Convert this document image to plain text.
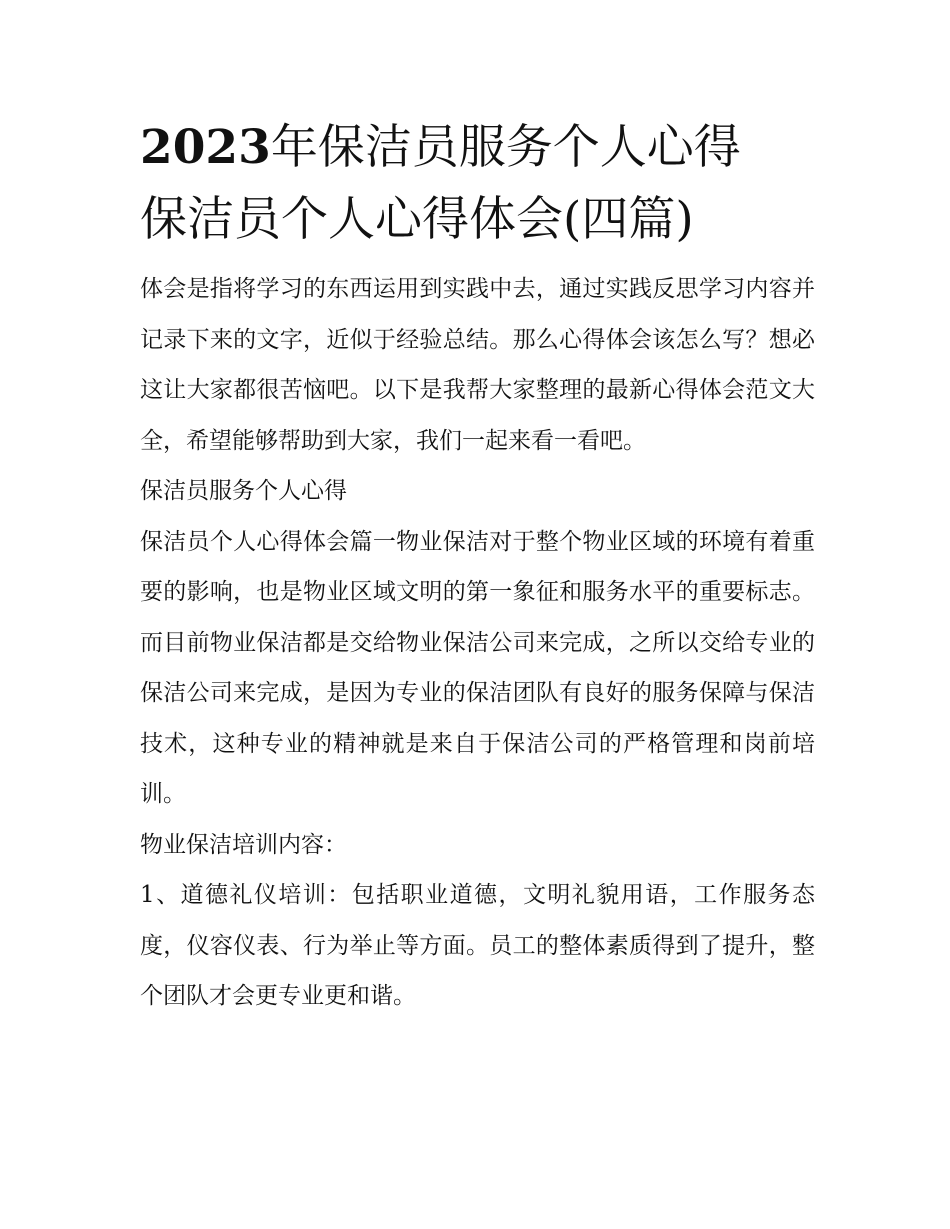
2023年保洁员服务个人心得
保洁员个人心得体会(四篇)

体会是指将学习的东西运用到实践中去，通过实践反思学习内容并记录下来的文字，近似于经验总结。那么心得体会该怎么写？想必这让大家都很苦恼吧。以下是我帮大家整理的最新心得体会范文大全，希望能够帮助到大家，我们一起来看一看吧。

保洁员服务个人心得

保洁员个人心得体会篇一物业保洁对于整个物业区域的环境有着重要的影响，也是物业区域文明的第一象征和服务水平的重要标志。而目前物业保洁都是交给物业保洁公司来完成，之所以交给专业的保洁公司来完成，是因为专业的保洁团队有良好的服务保障与保洁技术，这种专业的精神就是来自于保洁公司的严格管理和岗前培训。

物业保洁培训内容：

1、道德礼仪培训：包括职业道德，文明礼貌用语，工作服务态度，仪容仪表、行为举止等方面。员工的整体素质得到了提升，整个团队才会更专业更和谐。
